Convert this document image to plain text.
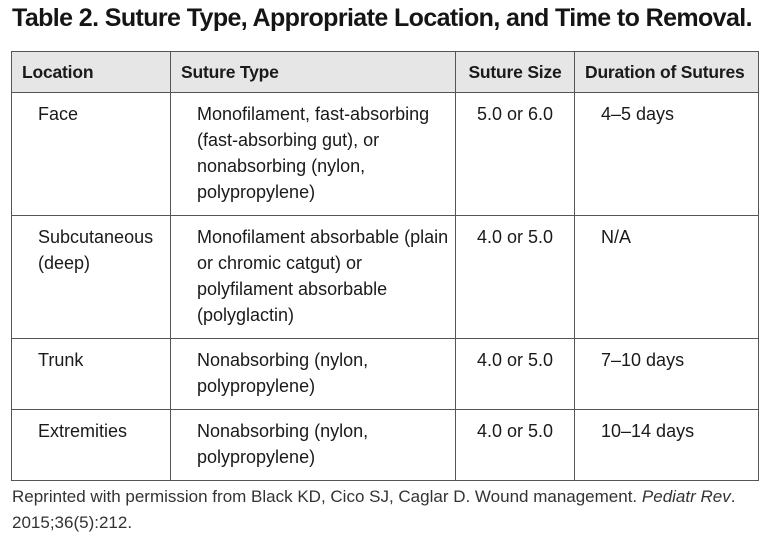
Table 2. Suture Type, Appropriate Location, and Time to Removal.
Location	Suture Type	Suture Size	Duration of Sutures
Face	Monofilament, fast-absorbing (fast-absorbing gut), or nonabsorbing (nylon, polypropylene)	5.0 or 6.0	4–5 days
Subcutaneous (deep)	Monofilament absorbable (plain or chromic catgut) or polyfilament absorbable (polyglactin)	4.0 or 5.0	N/A
Trunk	Nonabsorbing (nylon, polypropylene)	4.0 or 5.0	7–10 days
Extremities	Nonabsorbing (nylon, polypropylene)	4.0 or 5.0	10–14 days

Reprinted with permission from Black KD, Cico SJ, Caglar D. Wound management. Pediatr Rev. 2015;36(5):212.
